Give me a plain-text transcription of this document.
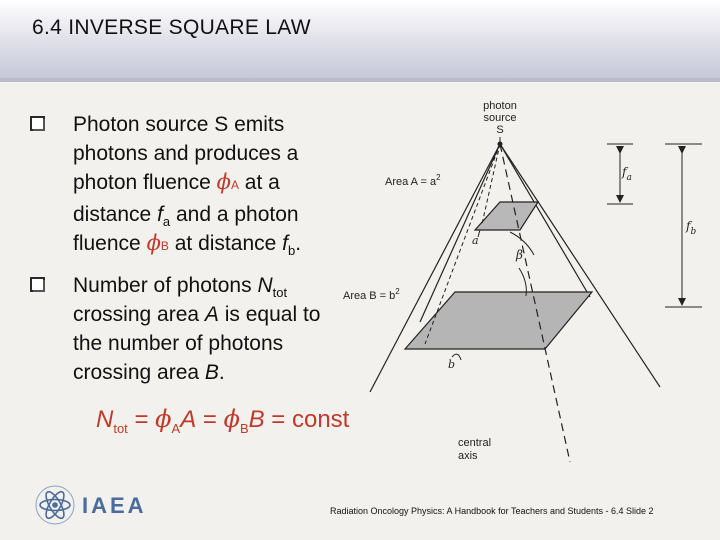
6.4 INVERSE SQUARE LAW
Photon source S emits
photons and produces a
photon fluence ϕA at a
distance $f_a$ and a photon
fluence ϕB at distance $f_b$.
Number of photons $N_{tot}$
crossing area A is equal to
the number of photons
crossing area B.
$N_{tot} = \phi_AA = \phi_BB$ = const
photon
source
S
β
a
b
Area $A = a^2$
Area $B = b^2$
$f_a$
$f_b$
central
axis
IAEA	Radiation Oncology Physics: A Handbook for Teachers and Students - 6.4 Slide 2
